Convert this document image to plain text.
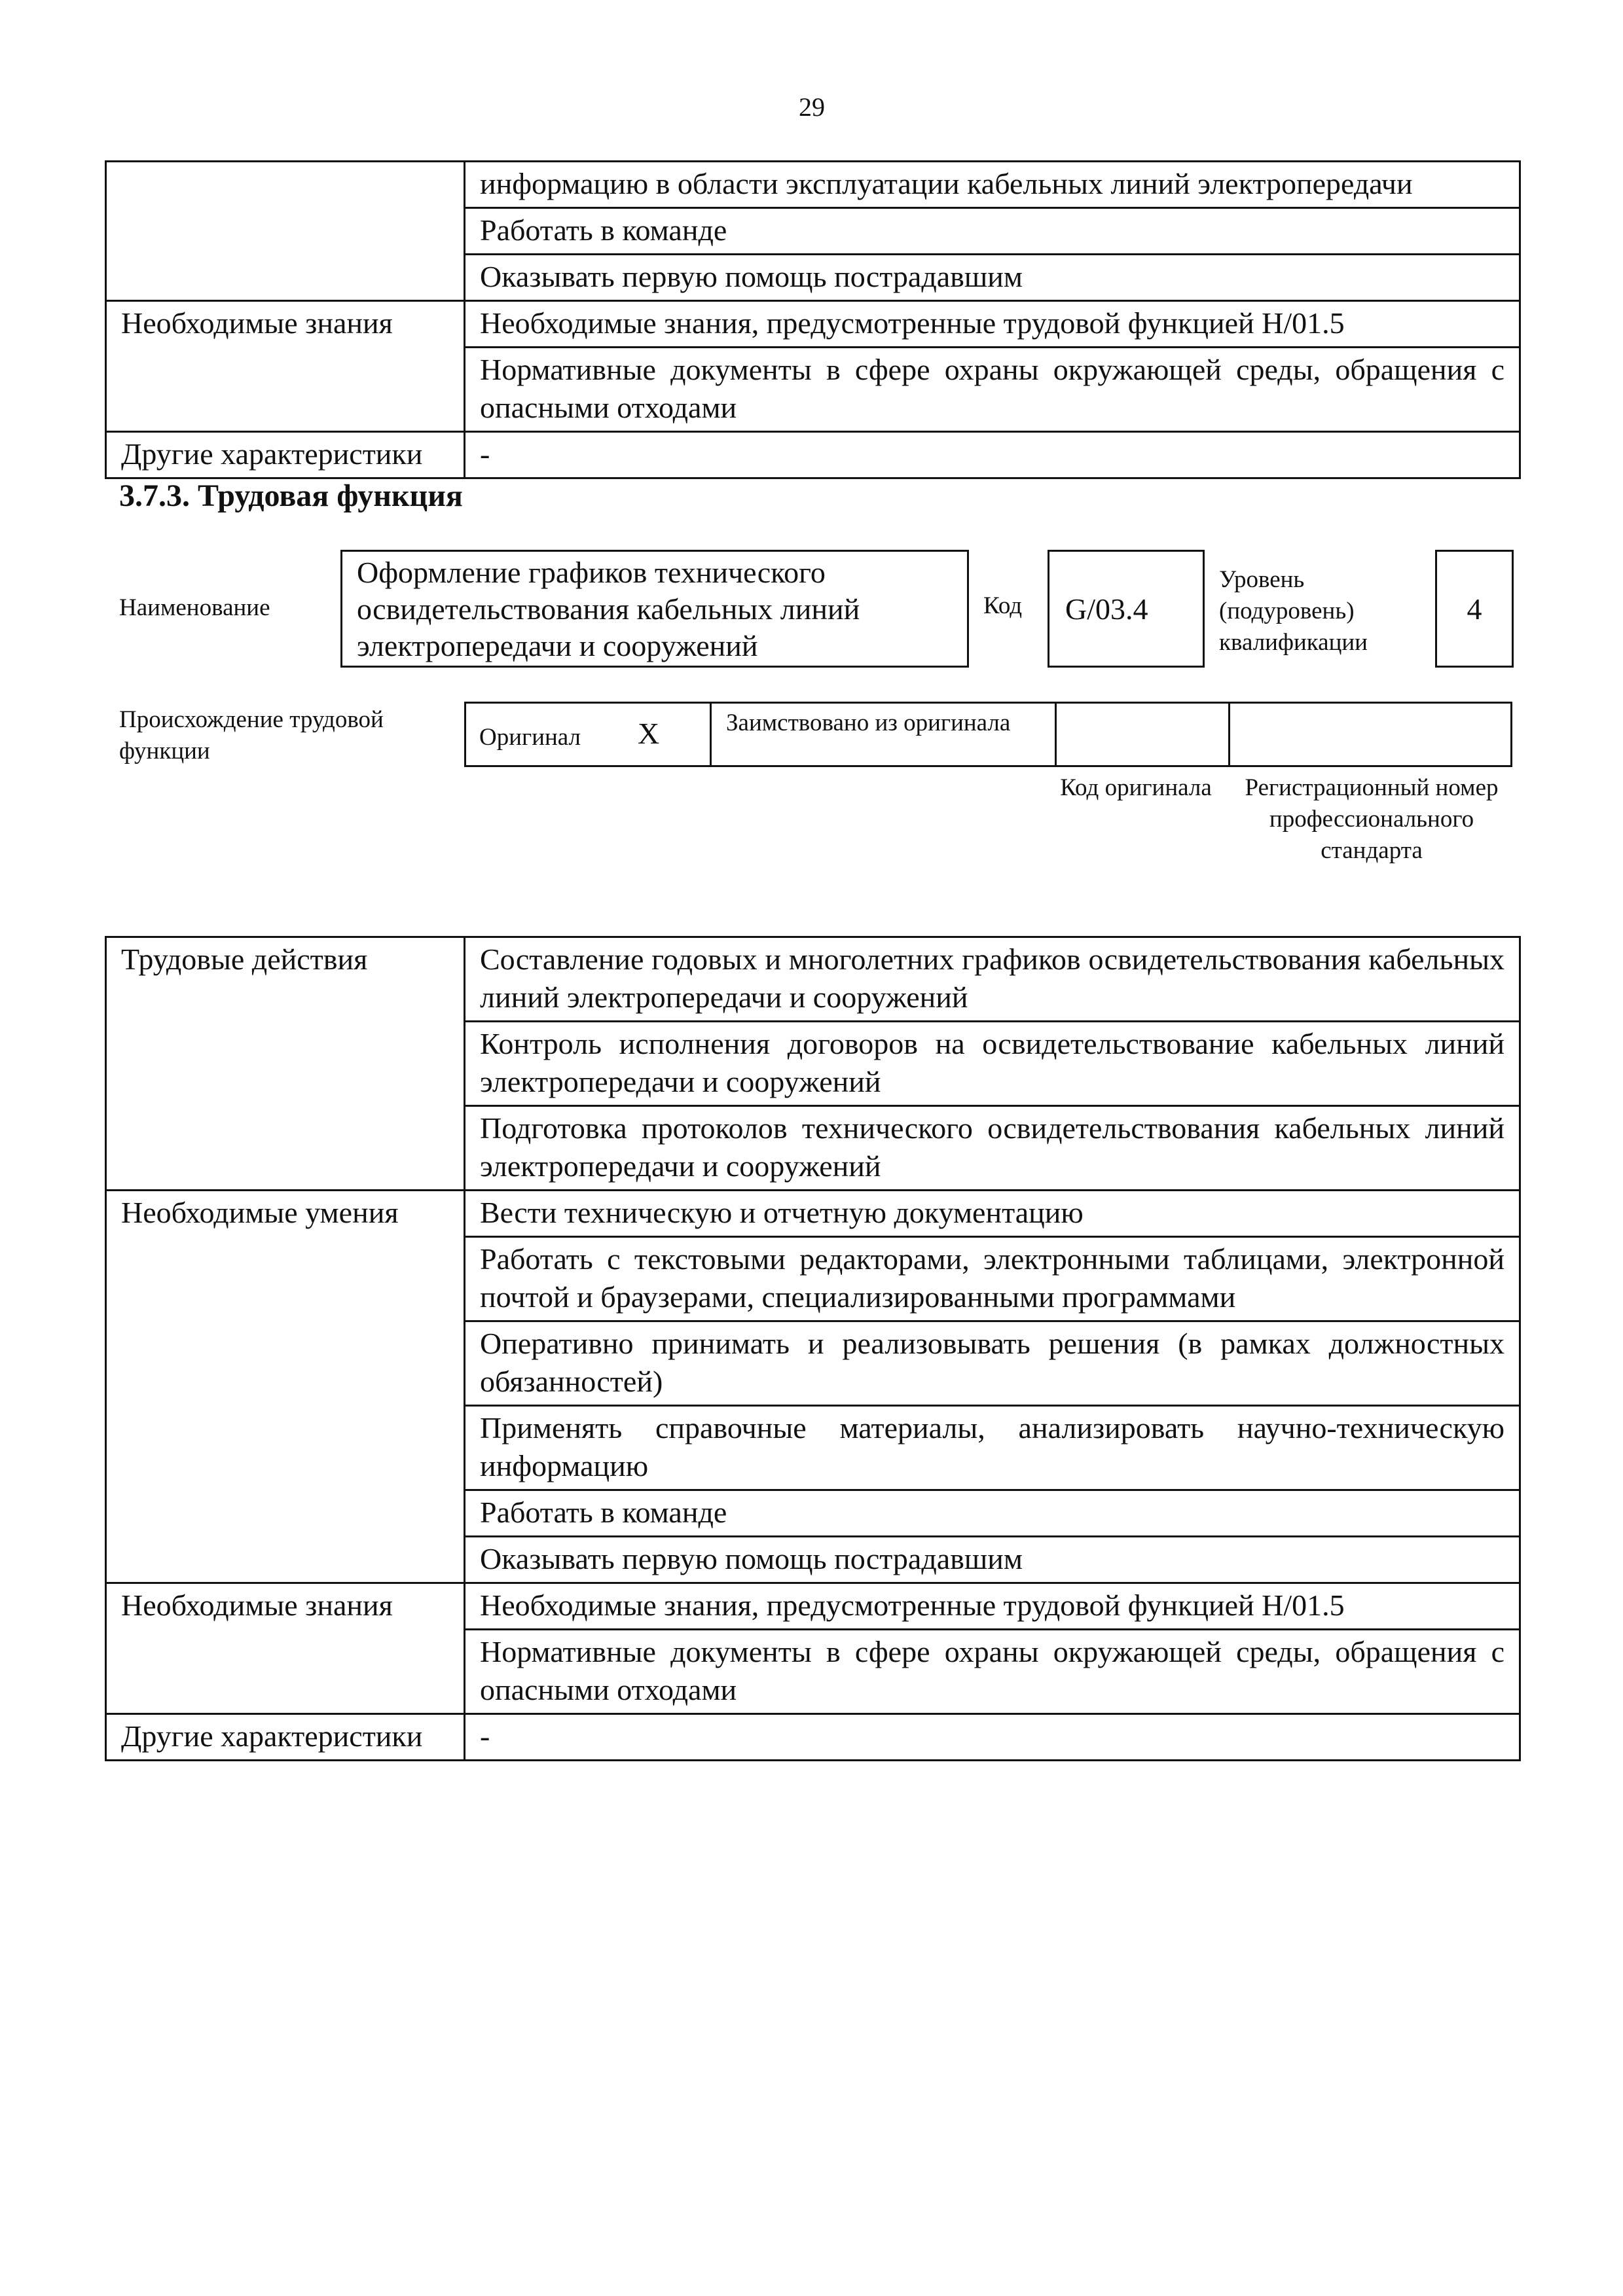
29
	информацию в области эксплуатации кабельных линий электропередачи
	Работать в команде
	Оказывать первую помощь пострадавшим
Необходимые знания	Необходимые знания, предусмотренные трудовой функцией Н/01.5
	Нормативные документы в сфере охраны окружающей среды, обращения с опасными отходами
Другие характеристики	-
3.7.3. Трудовая функция
Наименование
Оформление графиков технического освидетельствования кабельных линий электропередачи и сооружений
Код	G/03.4
Уровень (подуровень) квалификации
4
Происхождение трудовой функции
Оригинал X	Заимствовано из оригинала
Код оригинала	Регистрационный номер профессионального стандарта
Трудовые действия	Составление годовых и многолетних графиков освидетельствования кабельных линий электропередачи и сооружений
	Контроль исполнения договоров на освидетельствование кабельных линий электропередачи и сооружений
	Подготовка протоколов технического освидетельствования кабельных линий электропередачи и сооружений
Необходимые умения	Вести техническую и отчетную документацию
	Работать с текстовыми редакторами, электронными таблицами, электронной почтой и браузерами, специализированными программами
	Оперативно принимать и реализовывать решения (в рамках должностных обязанностей)
	Применять справочные материалы, анализировать научно-техническую информацию
	Работать в команде
	Оказывать первую помощь пострадавшим
Необходимые знания	Необходимые знания, предусмотренные трудовой функцией Н/01.5
	Нормативные документы в сфере охраны окружающей среды, обращения с опасными отходами
Другие характеристики	-
